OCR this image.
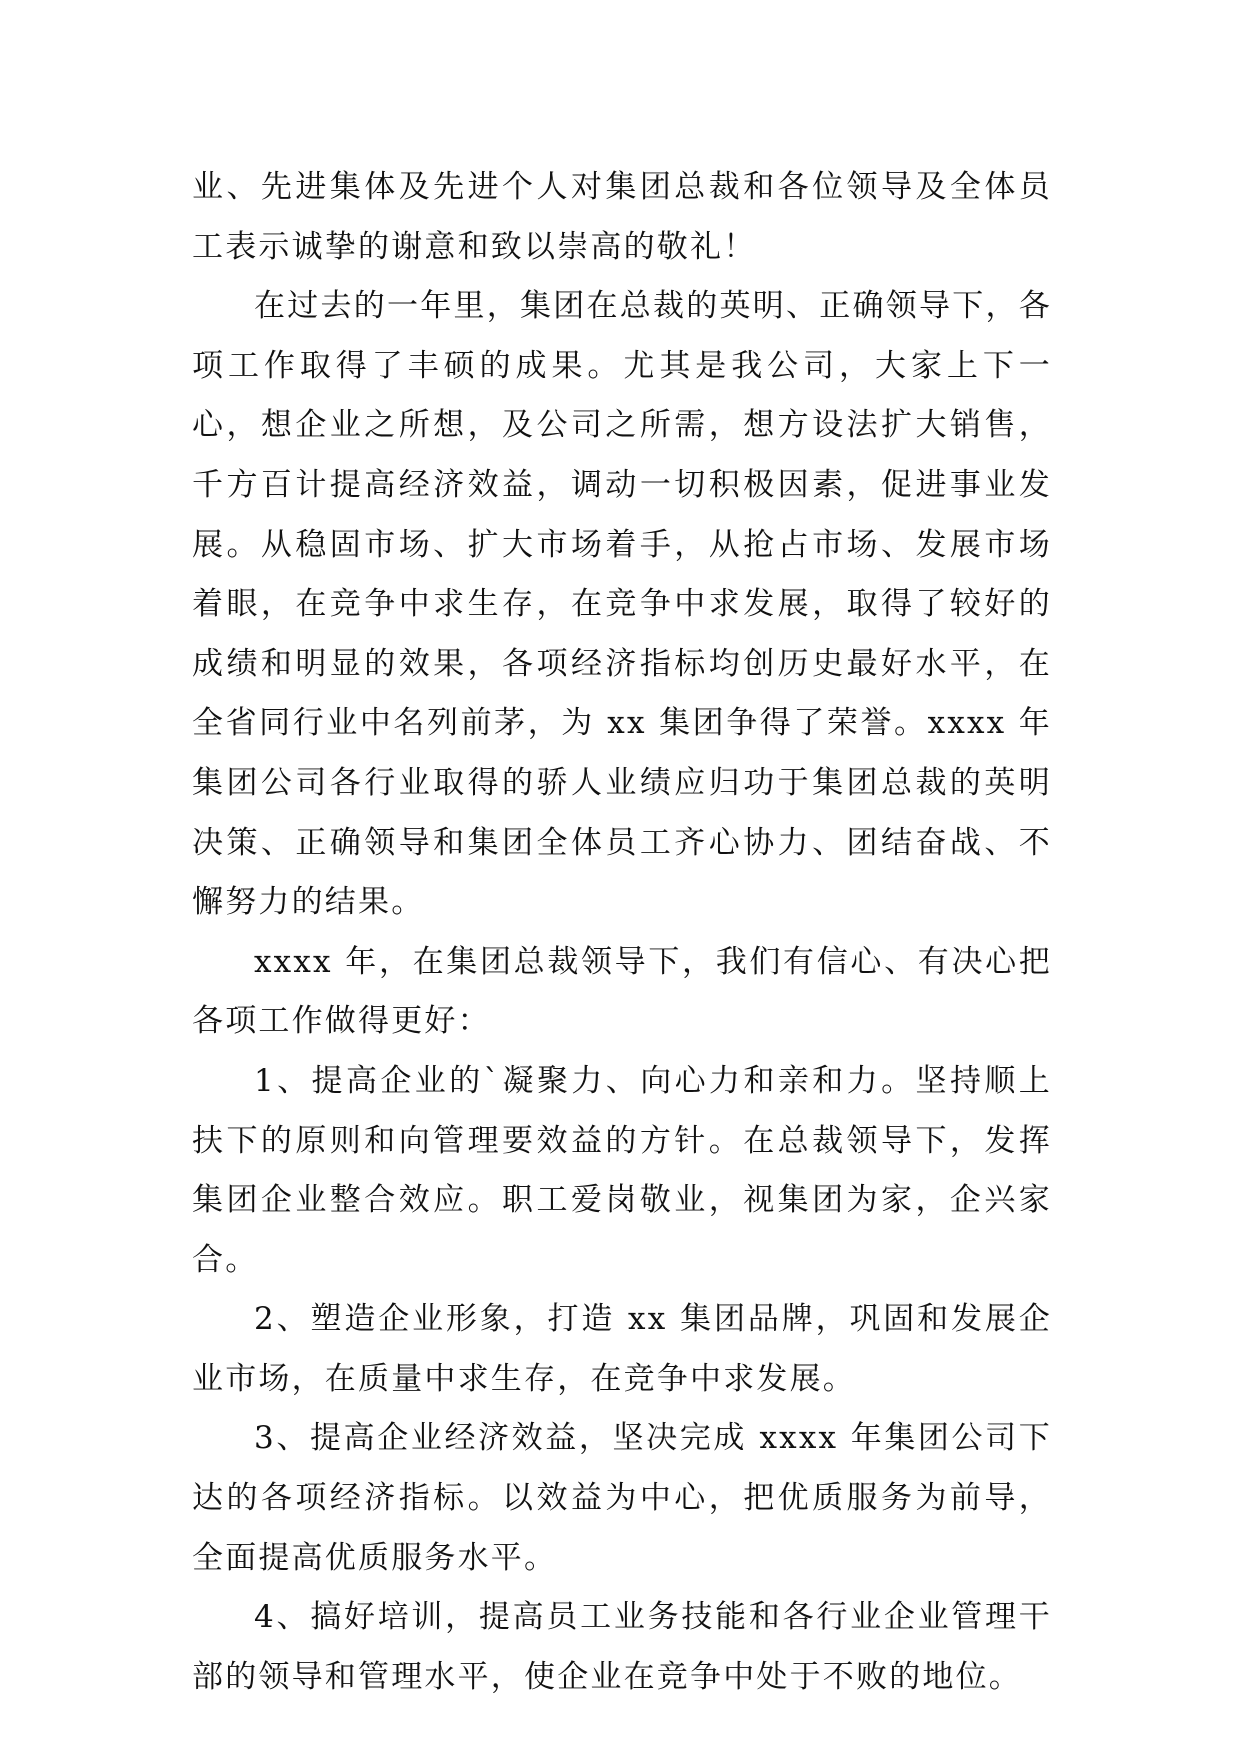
业、先进集体及先进个人对集团总裁和各位领导及全体员工表示诚挚的谢意和致以崇高的敬礼！

在过去的一年里，集团在总裁的英明、正确领导下，各项工作取得了丰硕的成果。尤其是我公司，大家上下一心，想企业之所想，及公司之所需，想方设法扩大销售，千方百计提高经济效益，调动一切积极因素，促进事业发展。从稳固市场、扩大市场着手，从抢占市场、发展市场着眼，在竞争中求生存，在竞争中求发展，取得了较好的成绩和明显的效果，各项经济指标均创历史最好水平，在全省同行业中名列前茅，为 xx 集团争得了荣誉。xxxx 年集团公司各行业取得的骄人业绩应归功于集团总裁的英明决策、正确领导和集团全体员工齐心协力、团结奋战、不懈努力的结果。

xxxx 年，在集团总裁领导下，我们有信心、有决心把各项工作做得更好：

1、提高企业的`凝聚力、向心力和亲和力。坚持顺上扶下的原则和向管理要效益的方针。在总裁领导下，发挥集团企业整合效应。职工爱岗敬业，视集团为家，企兴家合。

2、塑造企业形象，打造 xx 集团品牌，巩固和发展企业市场，在质量中求生存，在竞争中求发展。

3、提高企业经济效益，坚决完成 xxxx 年集团公司下达的各项经济指标。以效益为中心，把优质服务为前导，全面提高优质服务水平。

4、搞好培训，提高员工业务技能和各行业企业管理干部的领导和管理水平，使企业在竞争中处于不败的地位。
